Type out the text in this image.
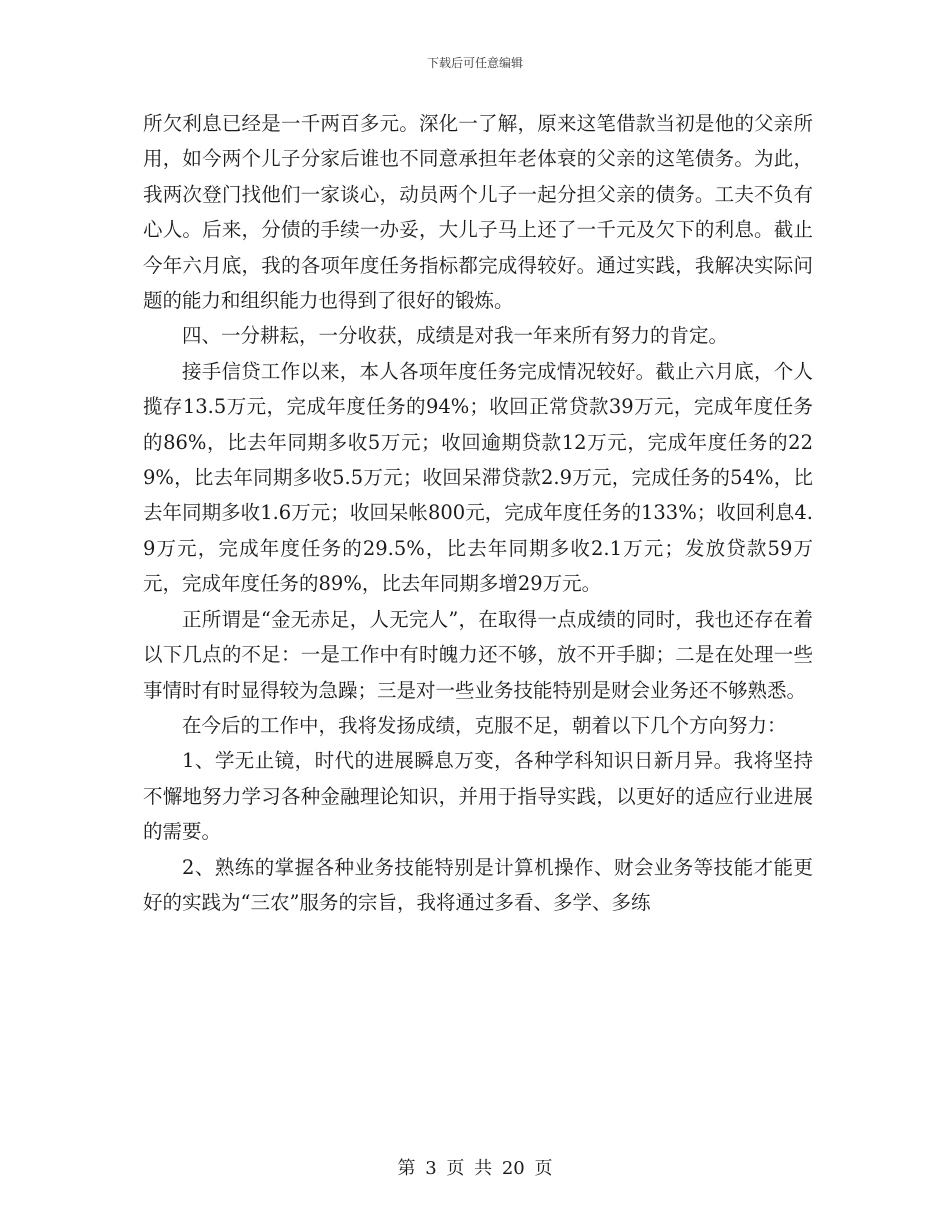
下载后可任意编辑

所欠利息已经是一千两百多元。深化一了解，原来这笔借款当初是他的父亲所用，如今两个儿子分家后谁也不同意承担年老体衰的父亲的这笔债务。为此，我两次登门找他们一家谈心，动员两个儿子一起分担父亲的债务。工夫不负有心人。后来，分债的手续一办妥，大儿子马上还了一千元及欠下的利息。截止今年六月底，我的各项年度任务指标都完成得较好。通过实践，我解决实际问题的能力和组织能力也得到了很好的锻炼。

四、一分耕耘，一分收获，成绩是对我一年来所有努力的肯定。

接手信贷工作以来，本人各项年度任务完成情况较好。截止六月底，个人揽存13.5万元，完成年度任务的94%；收回正常贷款39万元，完成年度任务的86%，比去年同期多收5万元；收回逾期贷款12万元，完成年度任务的229%，比去年同期多收5.5万元；收回呆滞贷款2.9万元，完成任务的54%，比去年同期多收1.6万元；收回呆帐800元，完成年度任务的133%；收回利息4.9万元，完成年度任务的29.5%，比去年同期多收2.1万元；发放贷款59万元，完成年度任务的89%，比去年同期多增29万元。

正所谓是“金无赤足，人无完人”，在取得一点成绩的同时，我也还存在着以下几点的不足：一是工作中有时魄力还不够，放不开手脚；二是在处理一些事情时有时显得较为急躁；三是对一些业务技能特别是财会业务还不够熟悉。

在今后的工作中，我将发扬成绩，克服不足，朝着以下几个方向努力：

1、学无止镜，时代的进展瞬息万变，各种学科知识日新月异。我将坚持不懈地努力学习各种金融理论知识，并用于指导实践，以更好的适应行业进展的需要。

2、熟练的掌握各种业务技能特别是计算机操作、财会业务等技能才能更好的实践为“三农”服务的宗旨，我将通过多看、多学、多练

第 3 页 共 20 页
